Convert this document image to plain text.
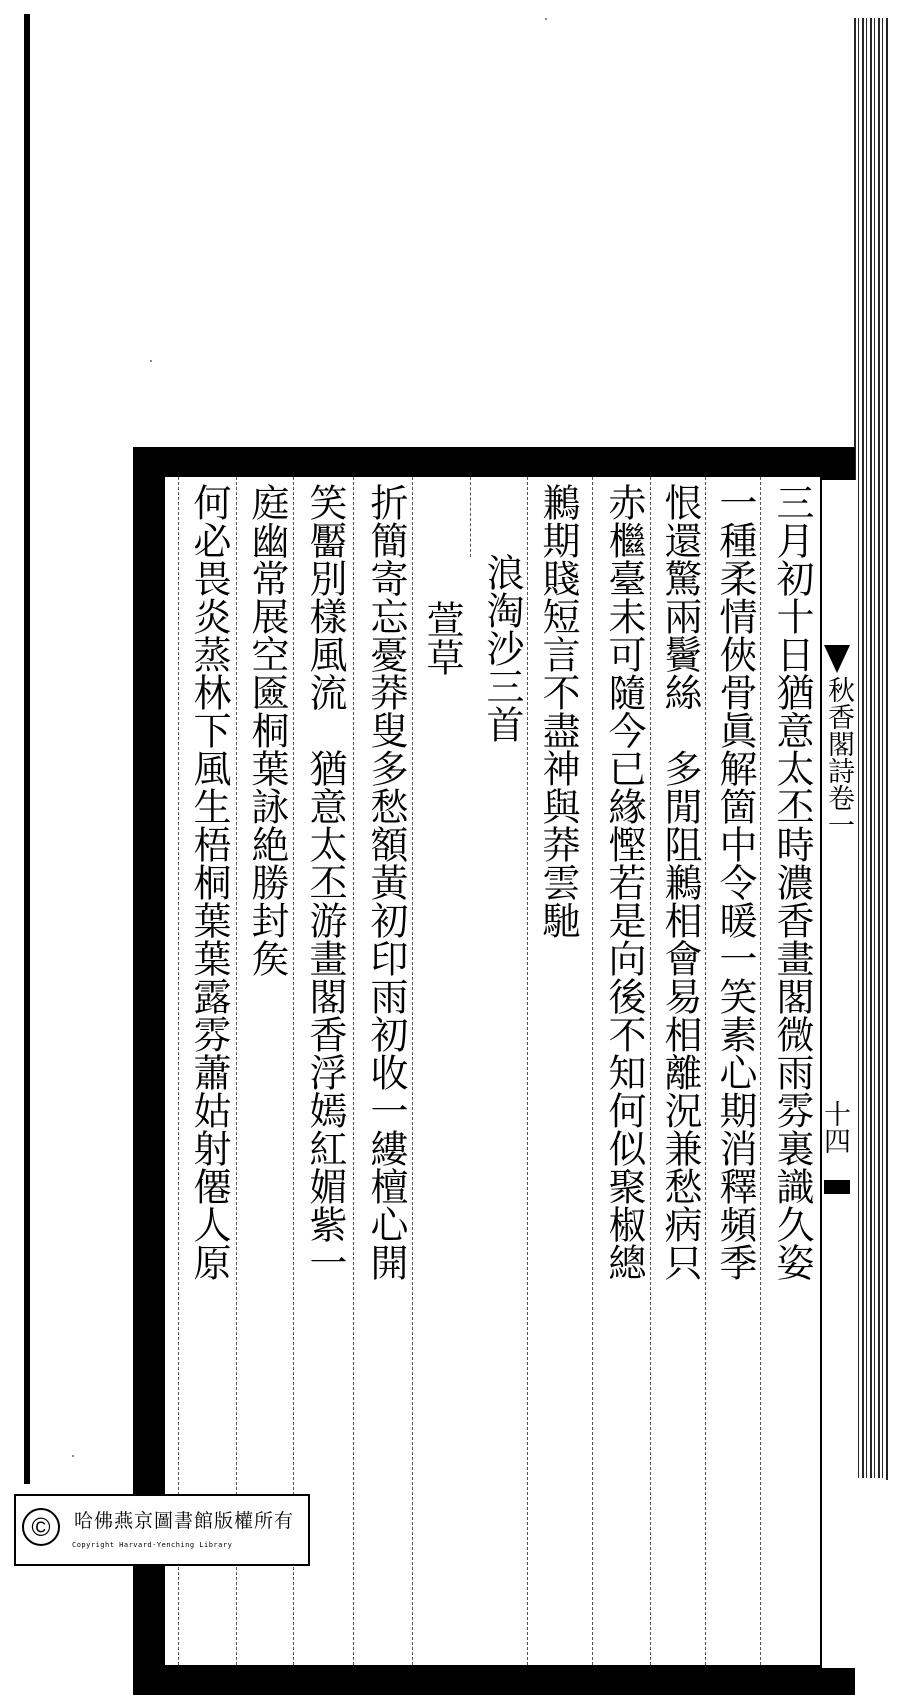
秋香閣詩卷一
十四
三月初十日猶意太丕時濃香畫閣微雨雰裏識久姿
一種柔情俠骨眞解箇中令暖一笑素心期消釋頻季
恨還驚兩鬢絲　多閒阻鶼相會易相離況兼愁病只
赤檵臺未可隨今已緣慳若是向後不知何似聚椒總
鶼期賤短言不盡神與莽雲馳
浪淘沙三首
萱草
折簡寄忘憂莽叟多愁額黃初印雨初收一縷檀心開
笑靨別樣風流　猶意太丕游畫閣香浮嫣紅媚紫一
庭幽常展空匳桐葉詠絶勝封矦
何必畏炎蒸林下風生梧桐葉葉露雰蕭姑射僊人原
©	哈佛燕京圖書館版權所有
Copyright Harvard-Yenching Library
